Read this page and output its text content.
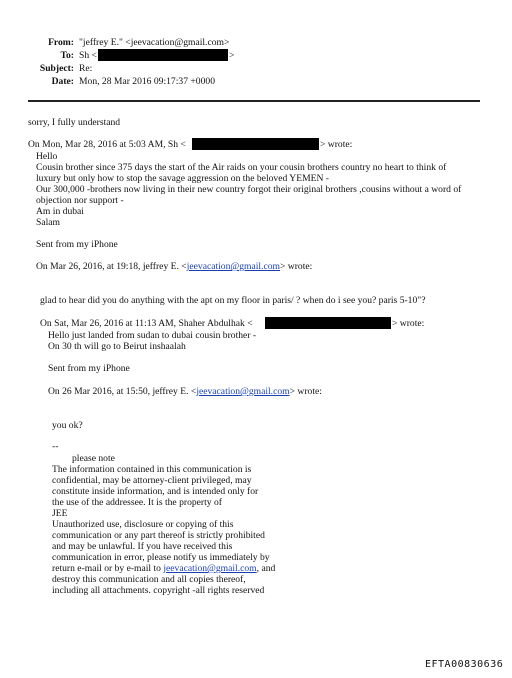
From: "jeffrey E." <jeevacation@gmail.com>
To: Sh <	>
Subject: Re:
Date: Mon, 28 Mar 2016 09:17:37 +0000
sorry, I fully understand
On Mon, Mar 28, 2016 at 5:03 AM, Sh <	> wrote:
Hello
Cousin brother since 375 days the start of the Air raids on your cousin brothers country no heart to think of
luxury but only how to stop the savage aggression on the beloved YEMEN -
Our 300,000 -brothers now living in their new country forgot their original brothers ,cousins without a word of
objection nor support -
Am in dubai
Salam
Sent from my iPhone
On Mar 26, 2016, at 19:18, jeffrey E. <jeevacation@gmail.com> wrote:
glad to hear did you do anything with the apt on my floor in paris/ ? when do i see you? paris 5-10"?
On Sat, Mar 26, 2016 at 11:13 AM, Shaher Abdulhak <	> wrote:
Hello just landed from sudan to dubai cousin brother -
On 30 th will go to Beirut inshaalah
Sent from my iPhone
On 26 Mar 2016, at 15:50, jeffrey E. <jeevacation@gmail.com> wrote:
you ok?
--
please note
The information contained in this communication is
confidential, may be attorney-client privileged, may
constitute inside information, and is intended only for
the use of the addressee. It is the property of
JEE
Unauthorized use, disclosure or copying of this
communication or any part thereof is strictly prohibited
and may be unlawful. If you have received this
communication in error, please notify us immediately by
return e-mail or by e-mail to jeevacation@gmail.com, and
destroy this communication and all copies thereof,
including all attachments. copyright -all rights reserved
EFTA00830636
